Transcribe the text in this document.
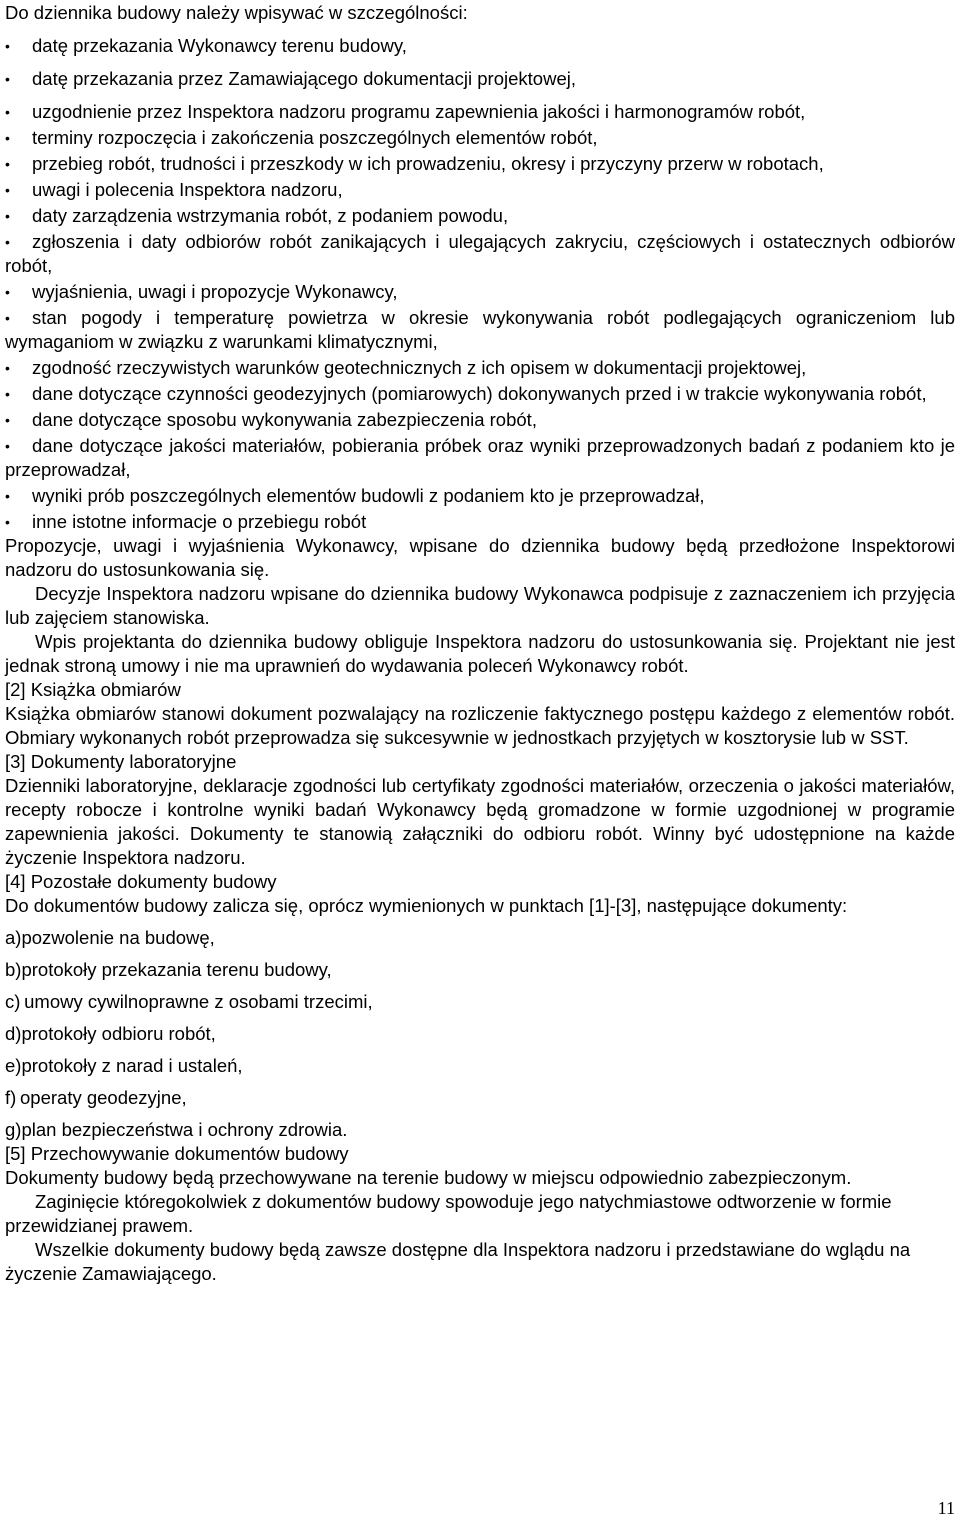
Do dziennika budowy należy wpisywać w szczególności:

•	datę przekazania Wykonawcy terenu budowy,
•	datę przekazania przez Zamawiającego dokumentacji projektowej,
•	uzgodnienie przez Inspektora nadzoru programu zapewnienia jakości i harmonogramów robót,
•	terminy rozpoczęcia i zakończenia poszczególnych elementów robót,
•	przebieg robót, trudności i przeszkody w ich prowadzeniu, okresy i przyczyny przerw w robotach,
•	uwagi i polecenia Inspektora nadzoru,
•	daty zarządzenia wstrzymania robót, z podaniem powodu,
•	zgłoszenia i daty odbiorów robót zanikających i ulegających zakryciu, częściowych i ostatecznych odbiorów robót,
•	wyjaśnienia, uwagi i propozycje Wykonawcy,
•	stan pogody i temperaturę powietrza w okresie wykonywania robót podlegających ograniczeniom lub wymaganiom w związku z warunkami klimatycznymi,
•	zgodność rzeczywistych warunków geotechnicznych z ich opisem w dokumentacji projektowej,
•	dane dotyczące czynności geodezyjnych (pomiarowych) dokonywanych przed i w trakcie wykonywania robót,
•	dane dotyczące sposobu wykonywania zabezpieczenia robót,
•	dane dotyczące jakości materiałów, pobierania próbek oraz wyniki przeprowadzonych badań z podaniem kto je przeprowadzał,
•	wyniki prób poszczególnych elementów budowli z podaniem kto je przeprowadzał,
•	inne istotne informacje o przebiegu robót

Propozycje, uwagi i wyjaśnienia Wykonawcy, wpisane do dziennika budowy będą przedłożone Inspektorowi nadzoru do ustosunkowania się.

Decyzje Inspektora nadzoru wpisane do dziennika budowy Wykonawca podpisuje z zaznaczeniem ich przyjęcia lub zajęciem stanowiska.

Wpis projektanta do dziennika budowy obliguje Inspektora nadzoru do ustosunkowania się. Projektant nie jest jednak stroną umowy i nie ma uprawnień do wydawania poleceń Wykonawcy robót.

[2] Książka obmiarów

Książka obmiarów stanowi dokument pozwalający na rozliczenie faktycznego postępu każdego z elementów robót. Obmiary wykonanych robót przeprowadza się sukcesywnie w jednostkach przyjętych w kosztorysie lub w SST.

[3] Dokumenty laboratoryjne

Dzienniki laboratoryjne, deklaracje zgodności lub certyfikaty zgodności materiałów, orzeczenia o jakości materiałów, recepty robocze i kontrolne wyniki badań Wykonawcy będą gromadzone w formie uzgodnionej w programie zapewnienia jakości. Dokumenty te stanowią załączniki do odbioru robót. Winny być udostępnione na każde życzenie Inspektora nadzoru.

[4] Pozostałe dokumenty budowy

Do dokumentów budowy zalicza się, oprócz wymienionych w punktach [1]-[3], następujące dokumenty:

a)pozwolenie na budowę,
b)protokoły przekazania terenu budowy,
c) umowy cywilnoprawne z osobami trzecimi,
d)protokoły odbioru robót,
e)protokoły z narad i ustaleń,
f) operaty geodezyjne,
g)plan bezpieczeństwa i ochrony zdrowia.

[5] Przechowywanie dokumentów budowy

Dokumenty budowy będą przechowywane na terenie budowy w miejscu odpowiednio zabezpieczonym.

Zaginięcie któregokolwiek z dokumentów budowy spowoduje jego natychmiastowe odtworzenie w formie przewidzianej prawem.

Wszelkie dokumenty budowy będą zawsze dostępne dla Inspektora nadzoru i przedstawiane do wglądu na życzenie Zamawiającego.

11
